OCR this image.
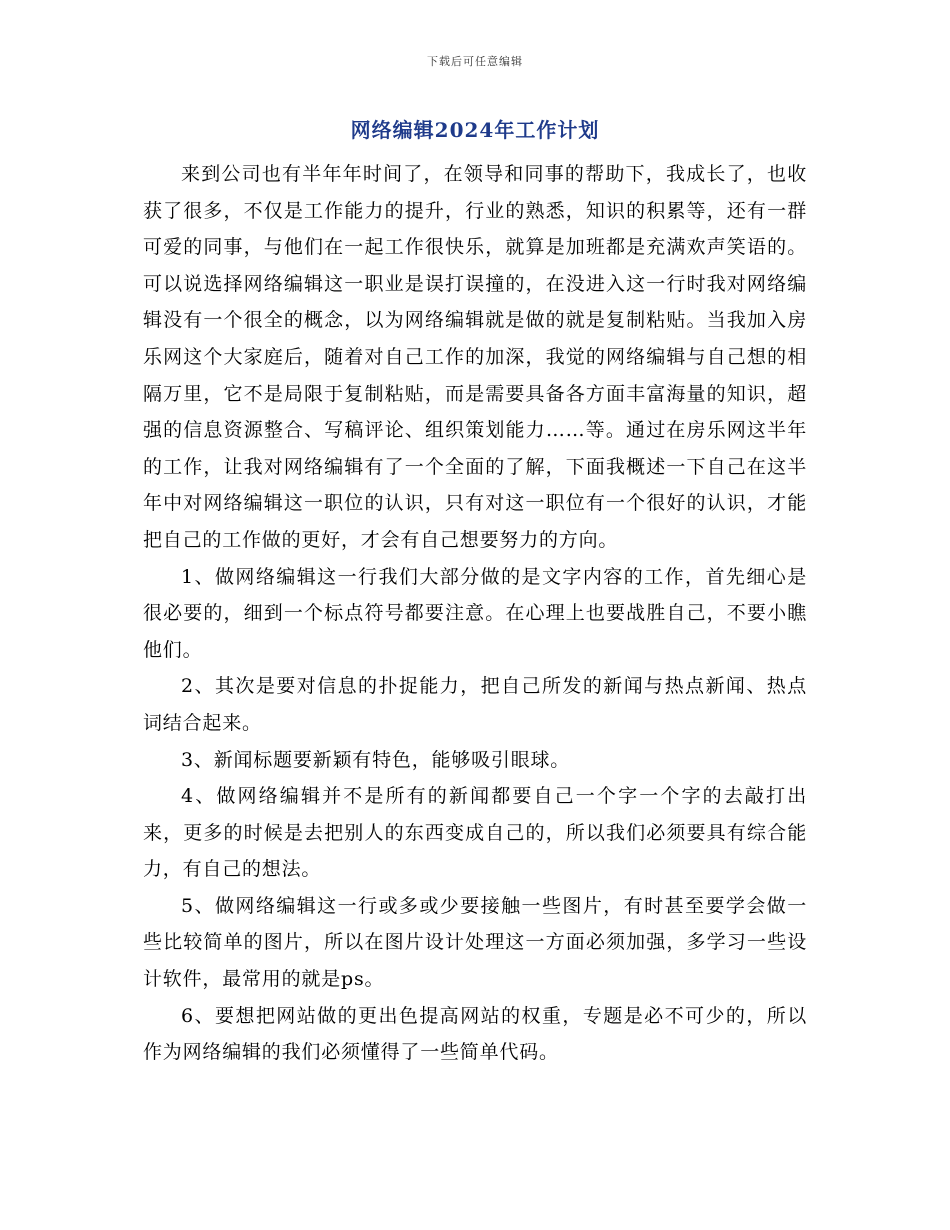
下载后可任意编辑
网络编辑2024年工作计划

来到公司也有半年年时间了，在领导和同事的帮助下，我成长了，也收获了很多，不仅是工作能力的提升，行业的熟悉，知识的积累等，还有一群可爱的同事，与他们在一起工作很快乐，就算是加班都是充满欢声笑语的。可以说选择网络编辑这一职业是误打误撞的，在没进入这一行时我对网络编辑没有一个很全的概念，以为网络编辑就是做的就是复制粘贴。当我加入房乐网这个大家庭后，随着对自己工作的加深，我觉的网络编辑与自己想的相隔万里，它不是局限于复制粘贴，而是需要具备各方面丰富海量的知识，超强的信息资源整合、写稿评论、组织策划能力……等。通过在房乐网这半年的工作，让我对网络编辑有了一个全面的了解，下面我概述一下自己在这半年中对网络编辑这一职位的认识，只有对这一职位有一个很好的认识，才能把自己的工作做的更好，才会有自己想要努力的方向。

1、做网络编辑这一行我们大部分做的是文字内容的工作，首先细心是很必要的，细到一个标点符号都要注意。在心理上也要战胜自己，不要小瞧他们。

2、其次是要对信息的扑捉能力，把自己所发的新闻与热点新闻、热点词结合起来。

3、新闻标题要新颖有特色，能够吸引眼球。

4、做网络编辑并不是所有的新闻都要自己一个字一个字的去敲打出来，更多的时候是去把别人的东西变成自己的，所以我们必须要具有综合能力，有自己的想法。

5、做网络编辑这一行或多或少要接触一些图片，有时甚至要学会做一些比较简单的图片，所以在图片设计处理这一方面必须加强，多学习一些设计软件，最常用的就是ps。

6、要想把网站做的更出色提高网站的权重，专题是必不可少的，所以作为网络编辑的我们必须懂得了一些简单代码。
